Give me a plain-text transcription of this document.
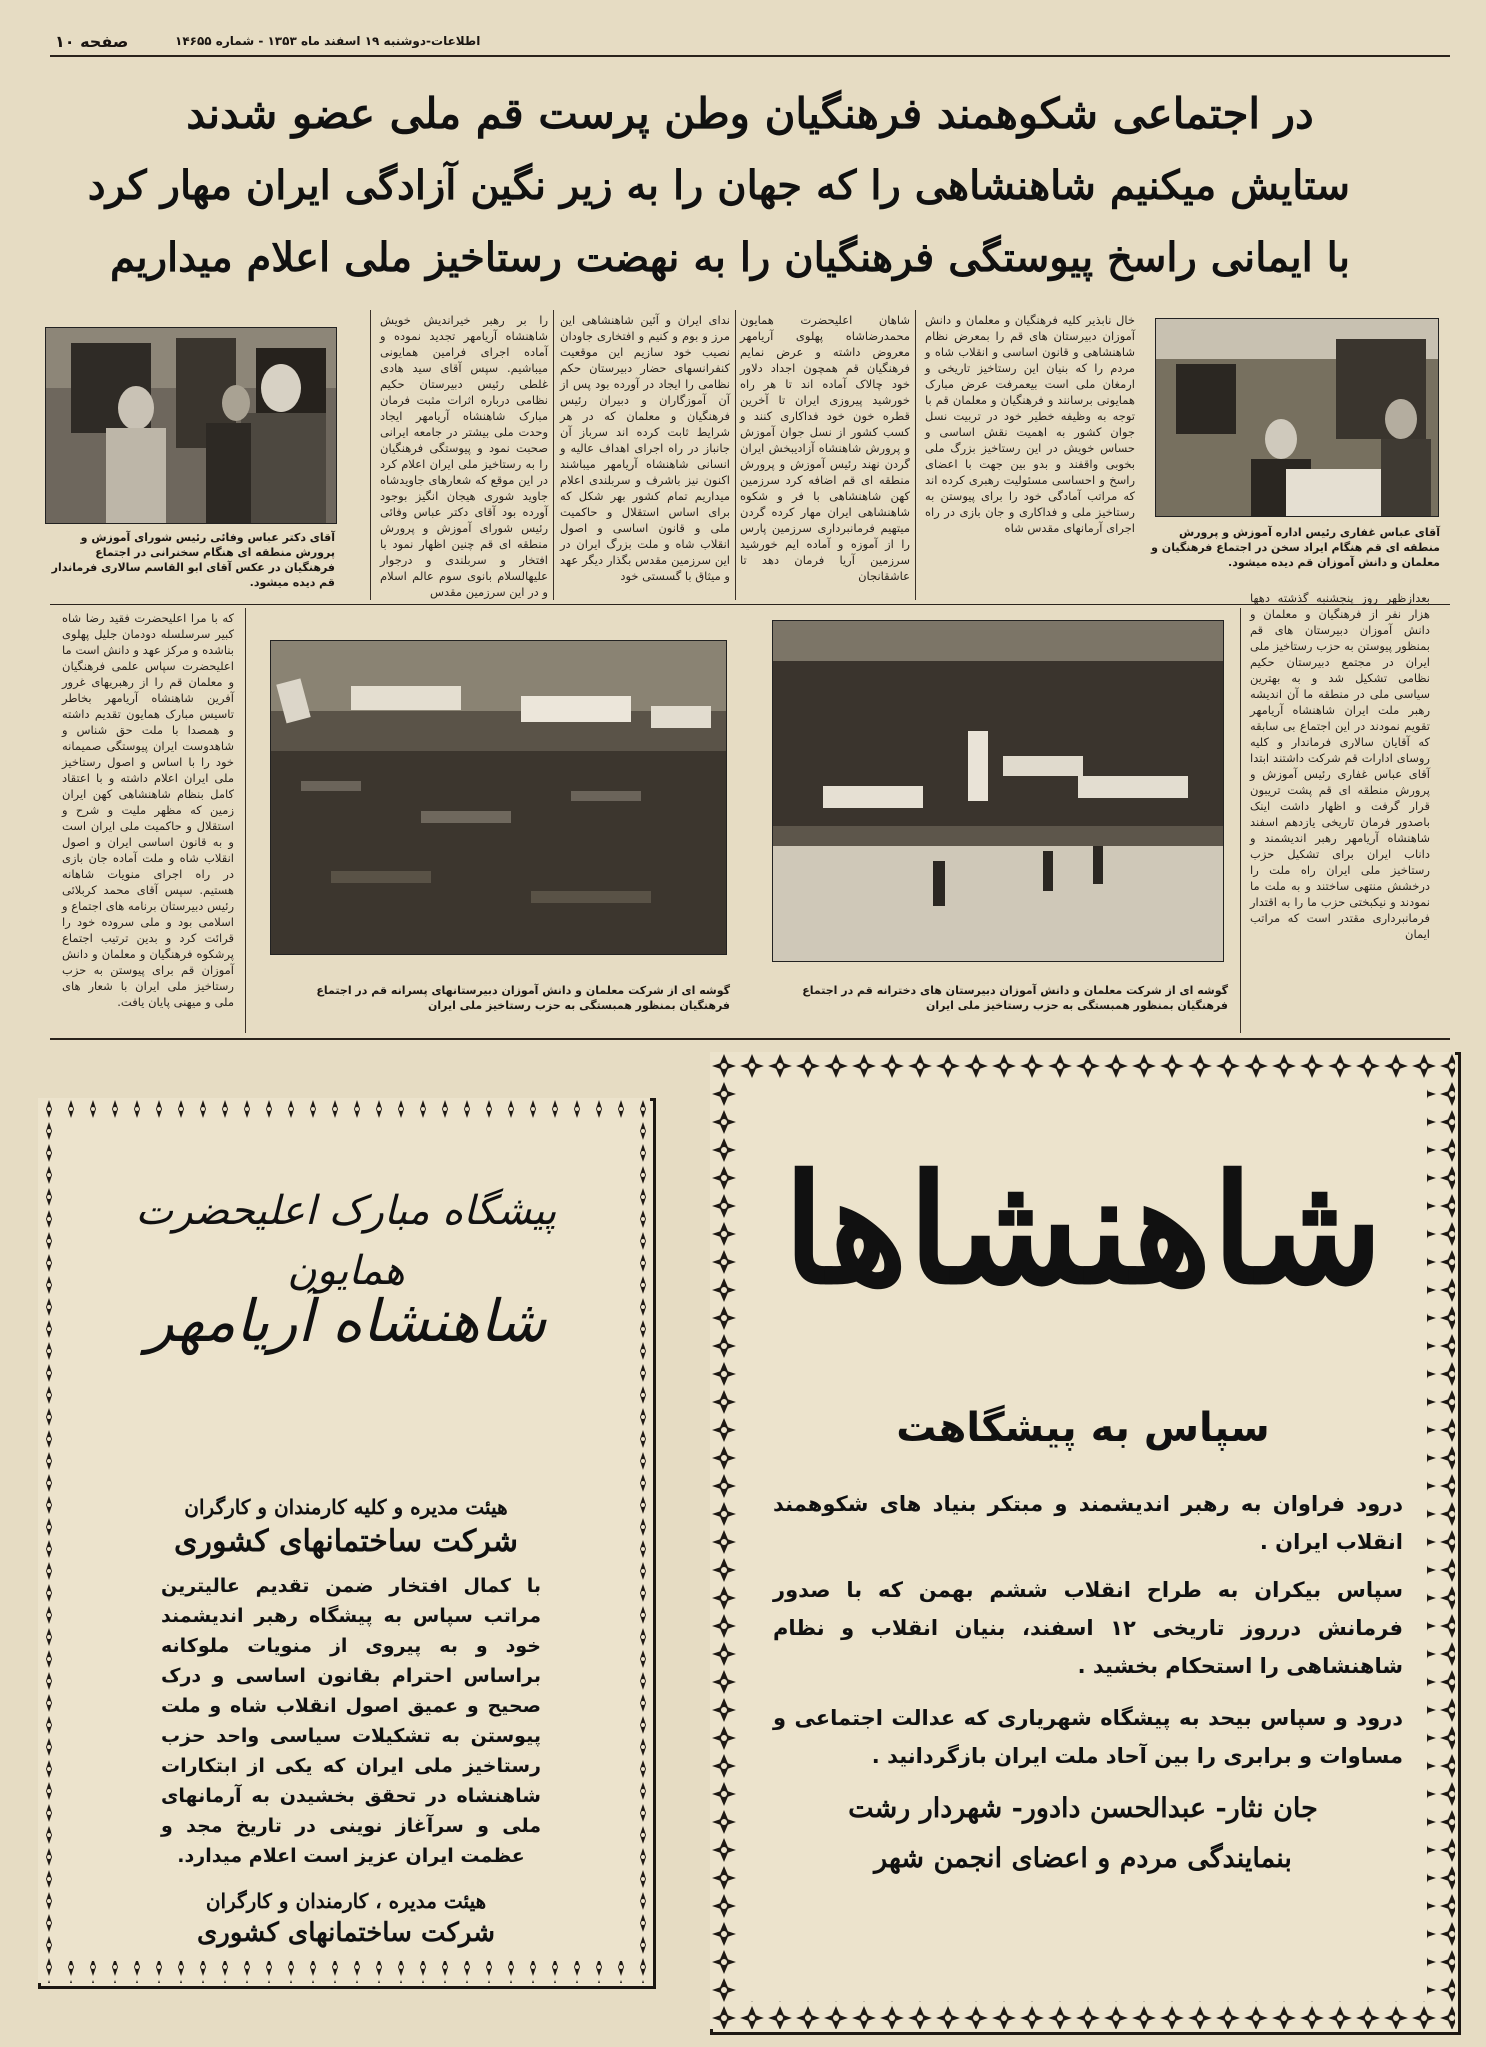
صفحه ۱۰	اطلاعات-دوشنبه ۱۹ اسفند ماه ۱۳۵۳ - شماره ۱۴۶۵۵
در اجتماعی شکوهمند فرهنگیان وطن پرست قم ملی عضو شدند
ستایش میکنیم شاهنشاهی را که جهان را به زیر نگین آزادگی ایران مهار کرد
با ایمانی راسخ پیوستگی فرهنگیان را به نهضت رستاخیز ملی اعلام میداریم
آقای دکتر عباس وفائی رئیس شورای آموزش و پرورش منطقه ای هنگام سخنرانی در اجتماع فرهنگیان در عکس آقای ابو القاسم سالاری فرماندار قم دیده میشود.
آقای عباس غفاری رئیس اداره آموزش و پرورش منطقه ای قم هنگام ایراد سخن در اجتماع فرهنگیان و معلمان و دانش آموزان قم دیده میشود.
خال نابذیر کلیه فرهنگیان و معلمان و دانش آموزان دبیرستان های قم را بمعرض نظام شاهنشاهی و قانون اساسی و انقلاب شاه و مردم را که بنیان این رستاخیز تاریخی و ارمغان ملی است بیعمرفت عرض مبارک همایونی برسانند و فرهنگیان و معلمان قم با توجه به وظیفه خطیر خود در تربیت نسل جوان کشور به اهمیت نقش اساسی و حساس خویش در این رستاخیز بزرگ ملی بخوبی واقفند و بدو بین جهت با اعضای راسخ و احساسی مسئولیت رهبری کرده اند که مراتب آمادگی خود را برای پیوستن به رستاخیز ملی و فداکاری و جان بازی در راه اجرای آرمانهای مقدس شاه
شاهان اعلیحضرت همایون محمدرضاشاه پهلوی آریامهر معروض داشته و عرض نمایم فرهنگیان قم همچون اجداد دلاور خود چالاک آماده اند تا هر راه خورشید پیروزی ایران تا آخرین قطره خون خود فداکاری کنند و کسب کشور از نسل جوان آموزش و پرورش شاهنشاه آزادیبخش ایران گردن نهند رئیس آموزش و پرورش منطقه ای قم اضافه کرد سرزمین کهن شاهنشاهی با فر و شکوه شاهنشاهی ایران مهار کرده گردن میتهیم فرمانبرداری سرزمین پارس را از آموزه و آماده ایم خورشید سرزمین آریا فرمان دهد تا عاشقانجان
ندای ایران و آئین شاهنشاهی این مرز و بوم و کنیم و افتخاری جاودان نصیب خود سازیم این موقعیت کنفرانسهای حضار دبیرستان حکم نظامی را ایجاد در آورده بود پس از آن آموزگاران و دبیران رئیس فرهنگیان و معلمان که در هر شرایط ثابت کرده اند سرباز آن جانباز در راه اجرای اهداف عالیه و انسانی شاهنشاه آریامهر میباشند اکنون نیز باشرف و سربلندی اعلام میداریم تمام کشور بهر شکل که برای اساس استقلال و حاکمیت ملی و قانون اساسی و اصول انقلاب شاه و ملت بزرگ ایران در این سرزمین مقدس بگذار دیگر عهد و میثاق با گسستی خود
را بر رهبر خیراندیش خویش شاهنشاه آریامهر تجدید نموده و آماده اجرای فرامین همایونی میباشیم. سپس آقای سید هادی غلطی رئیس دبیرستان حکیم نظامی درباره اثرات مثبت فرمان مبارک شاهنشاه آریامهر ایجاد وحدت ملی بیشتر در جامعه ایرانی صحبت نمود و پیوستگی فرهنگیان را به رستاخیز ملی ایران اعلام کرد در این موقع که شعارهای جاویدشاه جاوید شوری هیجان انگیز بوجود آورده بود آقای دکتر عباس وفائی رئیس شورای آموزش و پرورش منطقه ای قم چنین اظهار نمود با افتخار و سربلندی و درجوار علیهالسلام بانوی سوم عالم اسلام و در این سرزمین مقدس
که با مرا اعلیحضرت فقید رضا شاه کبیر سرسلسله دودمان جلیل پهلوی بناشده و مرکز عهد و دانش است ما اعلیحضرت سپاس علمی فرهنگیان و معلمان قم را از رهبریهای غرور آفرین شاهنشاه آریامهر بخاطر تاسیس مبارک همایون تقدیم داشته و همصدا با ملت حق شناس و شاهدوست ایران پیوستگی صمیمانه خود را با اساس و اصول رستاخیز ملی ایران اعلام داشته و با اعتقاد کامل بنظام شاهنشاهی کهن ایران زمین که مظهر ملیت و شرح و استقلال و حاکمیت ملی ایران است و به قانون اساسی ایران و اصول انقلاب شاه و ملت آماده جان بازی در راه اجرای منویات شاهانه هستیم. سپس آقای محمد کربلائی رئیس دبیرستان برنامه های اجتماع و اسلامی بود و ملی سروده خود را قرائت کرد و بدین ترتیب اجتماع پرشکوه فرهنگیان و معلمان و دانش آموزان قم برای پیوستن به حزب رستاخیز ملی ایران با شعار های ملی و میهنی پایان یافت.
گوشه ای از شرکت معلمان و دانش آموزان دبیرستانهای پسرانه قم در اجتماع فرهنگیان بمنظور همبستگی به حزب رستاخیز ملی ایران
گوشه ای از شرکت معلمان و دانش آموزان دبیرستان های دخترانه قم در اجتماع فرهنگیان بمنظور همبستگی به حزب رستاخیز ملی ایران
بعدازظهر روز پنجشنبه گذشته دهها هزار نفر از فرهنگیان و معلمان و دانش آموزان دبیرستان های قم بمنظور پیوستن به حزب رستاخیز ملی ایران در مجتمع دبیرستان حکیم نظامی تشکیل شد و به بهترین سیاسی ملی در منطقه ما آن اندیشه رهبر ملت ایران شاهنشاه آریامهر تقویم نمودند در این اجتماع بی سابقه که آقایان سالاری فرماندار و کلیه روسای ادارات قم شرکت داشتند ابتدا آقای عباس غفاری رئیس آموزش و پرورش منطقه ای قم پشت تریبون قرار گرفت و اظهار داشت اینک باصدور فرمان تاریخی یازدهم اسفند شاهنشاه آریامهر رهبر اندیشمند و داناب ایران برای تشکیل حزب رستاخیز ملی ایران راه ملت را درخشش منتهی ساختند و به ملت ما نمودند و نیکبختی حزب ما را به اقتدار فرمانبرداری مقتدر است که مراتب ایمان
پیشگاه مبارک اعلیحضرت همایون
شاهنشاه آریامهر
هیئت مدیره و کلیه کارمندان و کارگران
شرکت ساختمانهای کشوری
با کمال افتخار ضمن تقدیم عالیترین مراتب سپاس به پیشگاه رهبر اندیشمند خود و به پیروی از منویات ملوکانه براساس احترام بقانون اساسی و درک صحیح و عمیق اصول انقلاب شاه و ملت پیوستن به تشکیلات سیاسی واحد حزب رستاخیز ملی ایران که یکی از ابتکارات شاهنشاه در تحقق بخشیدن به آرمانهای ملی و سرآغاز نوینی در تاریخ مجد و عظمت ایران عزیز است اعلام میدارد.
هیئت مدیره ، کارمندان و کارگران
شرکت ساختمانهای کشوری
شاهنشاها
سپاس به پیشگاهت
درود فراوان به رهبر اندیشمند و مبتکر بنیاد های شکوهمند انقلاب ایران .
سپاس بیکران به طراح انقلاب ششم بهمن که با صدور فرمانش درروز تاریخی ۱۲ اسفند، بنیان انقلاب و نظام شاهنشاهی را استحکام بخشید .
درود و سپاس بیحد به پیشگاه شهریاری که عدالت اجتماعی و مساوات و برابری را بین آحاد ملت ایران بازگردانید .
جان نثار- عبدالحسن دادور- شهردار رشت
بنمایندگی مردم و اعضای انجمن شهر
